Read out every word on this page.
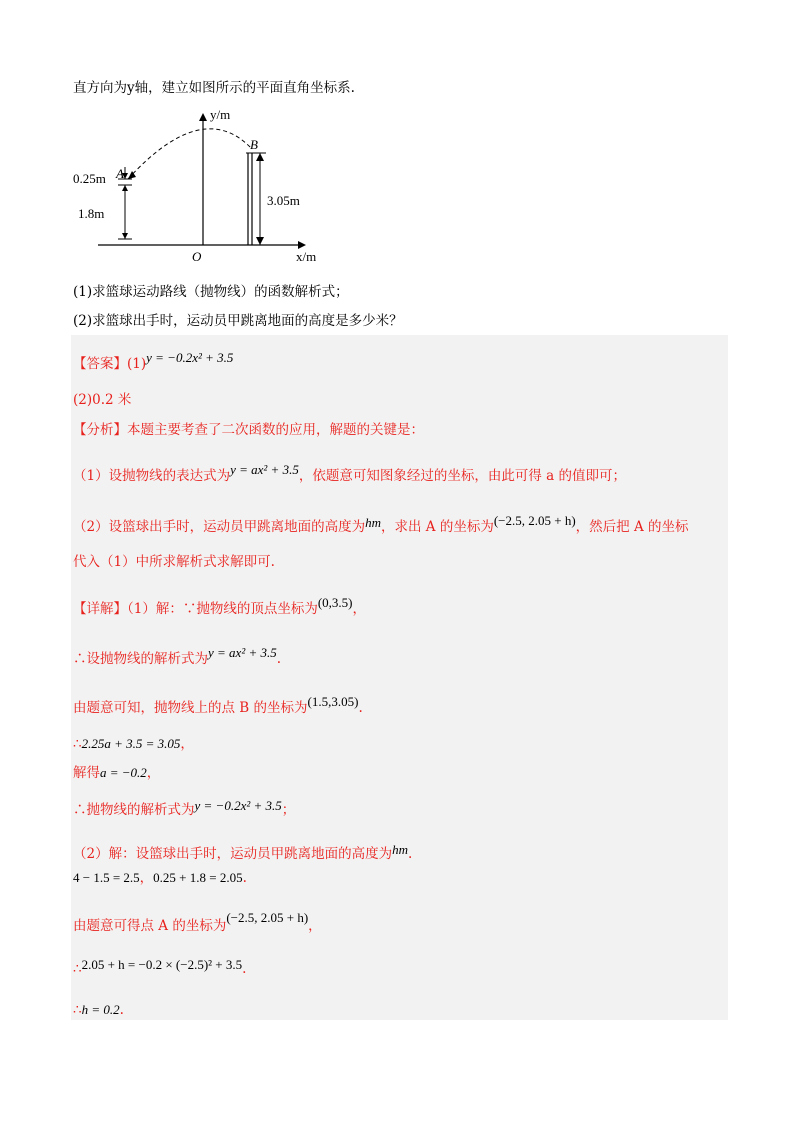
直方向为y轴，建立如图所示的平面直角坐标系.
y/m
x/m
O
B
3.05m
A
0.25m
1.8m
(1)求篮球运动路线（抛物线）的函数解析式；
(2)求篮球出手时，运动员甲跳离地面的高度是多少米？
【答案】(1)y = −0.2x² + 3.5
(2)0.2 米
【分析】本题主要考查了二次函数的应用，解题的关键是：
（1）设抛物线的表达式为y = ax² + 3.5，依题意可知图象经过的坐标，由此可得 a 的值即可；
（2）设篮球出手时，运动员甲跳离地面的高度为hm，求出 A 的坐标为(−2.5, 2.05 + h)，然后把 A 的坐标
代入（1）中所求解析式求解即可.
【详解】（1）解：∵抛物线的顶点坐标为(0,3.5)，
∴设抛物线的解析式为y = ax² + 3.5.
由题意可知，抛物线上的点 B 的坐标为(1.5,3.05).
∴2.25a + 3.5 = 3.05，
解得a = −0.2，
∴抛物线的解析式为y = −0.2x² + 3.5；
（2）解：设篮球出手时，运动员甲跳离地面的高度为hm.
4 − 1.5 = 2.5，0.25 + 1.8 = 2.05.
由题意可得点 A 的坐标为(−2.5, 2.05 + h)，
∴2.05 + h = −0.2 × (−2.5)² + 3.5.
∴h = 0.2.
